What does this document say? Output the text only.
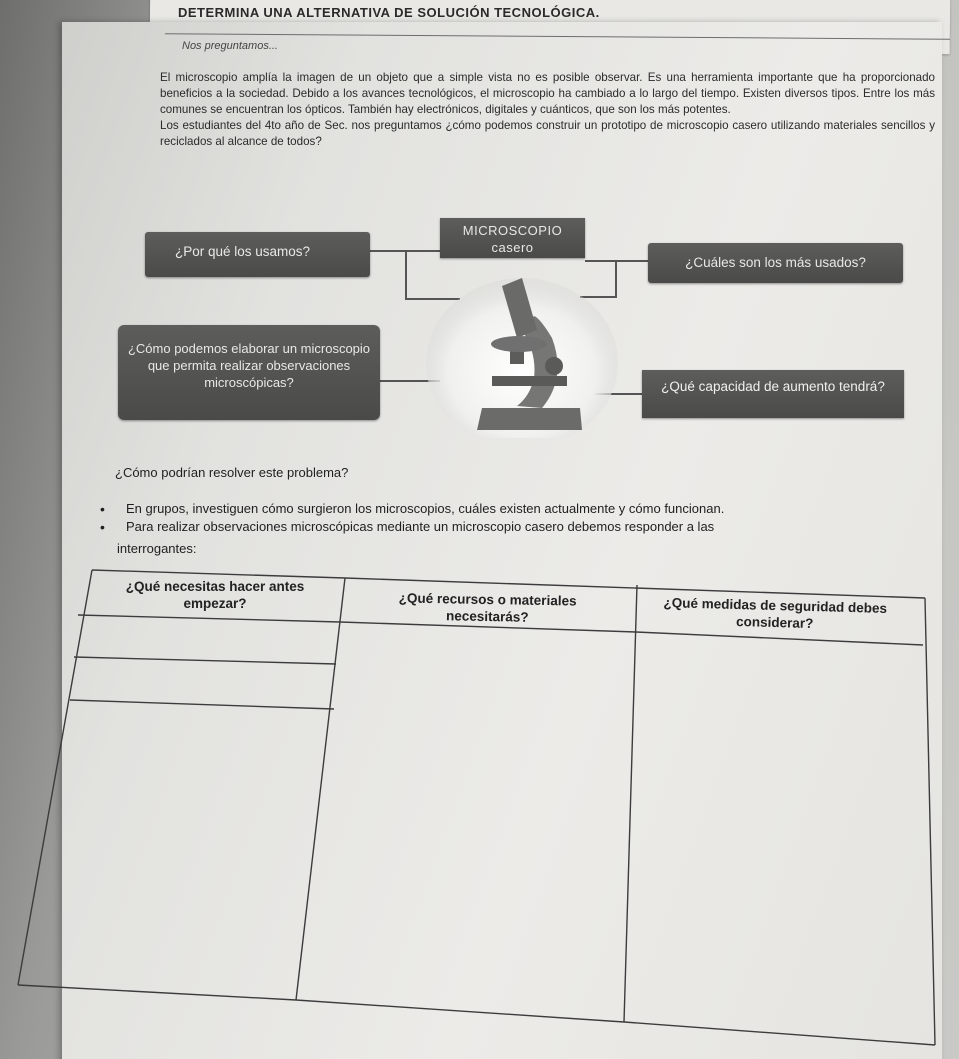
DETERMINA UNA ALTERNATIVA DE SOLUCIÓN TECNOLÓGICA.
Nos preguntamos...

El microscopio amplía la imagen de un objeto que a simple vista no es posible observar. Es una herramienta importante que ha proporcionado beneficios a la sociedad. Debido a los avances tecnológicos, el microscopio ha cambiado a lo largo del tiempo. Existen diversos tipos. Entre los más comunes se encuentran los ópticos. También hay electrónicos, digitales y cuánticos, que son los más potentes.

Los estudiantes del 4to año de Sec. nos preguntamos ¿cómo podemos construir un prototipo de microscopio casero utilizando materiales sencillos y reciclados al alcance de todos?

¿Por qué los usamos?
MICROSCOPIO
casero
¿Cuáles son los más usados?
¿Cómo podemos elaborar un microscopio que permita realizar observaciones microscópicas?	¿Qué capacidad de aumento tendrá?
¿Cómo podrían resolver este problema?
• En grupos, investiguen cómo surgieron los microscopios, cuáles existen actualmente y cómo funcionan.
• Para realizar observaciones microscópicas mediante un microscopio casero debemos responder a las
interrogantes:
¿Qué necesitas hacer antes empezar?	¿Qué recursos o materiales necesitarás?
¿Qué medidas de seguridad debes considerar?
